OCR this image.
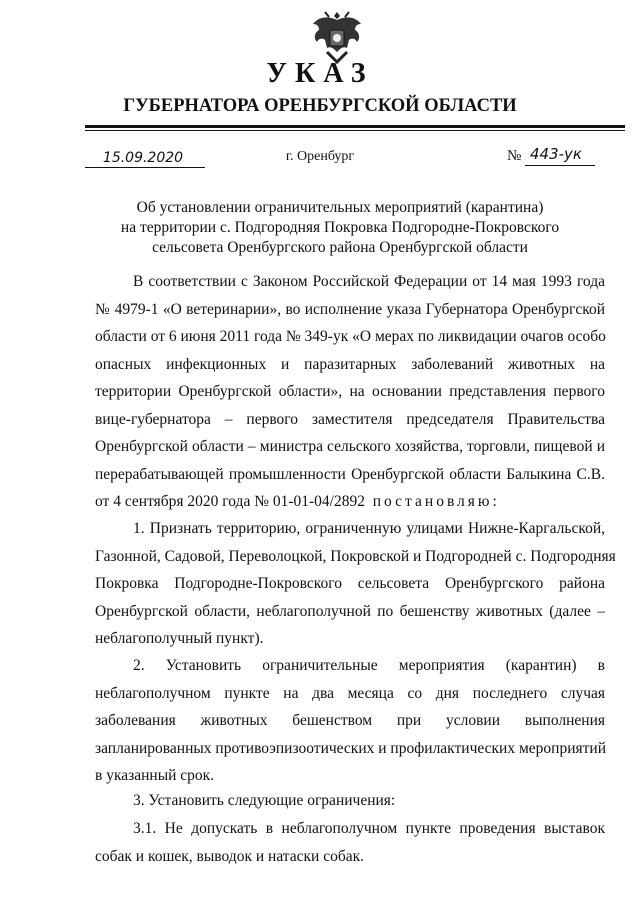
УКАЗ
ГУБЕРНАТОРА ОРЕНБУРГСКОЙ ОБЛАСТИ
15.09.2020	г. Оренбург	№ 443-ук
Об установлении ограничительных мероприятий (карантина)
на территории с. Подгородняя Покровка Подгородне-Покровского
сельсовета Оренбургского района Оренбургской области
В соответствии с Законом Российской Федерации от 14 мая 1993 года
№ 4979-1 «О ветеринарии», во исполнение указа Губернатора Оренбургской
области от 6 июня 2011 года № 349-ук «О мерах по ликвидации очагов особо
опасных инфекционных и паразитарных заболеваний животных на
территории Оренбургской области», на основании представления первого
вице-губернатора – первого заместителя председателя Правительства
Оренбургской области – министра сельского хозяйства, торговли, пищевой и
перерабатывающей промышленности Оренбургской области Балыкина С.В.
от 4 сентября 2020 года № 01-01-04/2892 постановляю:
1. Признать территорию, ограниченную улицами Нижне-Каргальской,
Газонной, Садовой, Переволоцкой, Покровской и Подгородней с. Подгородняя
Покровка Подгородне-Покровского сельсовета Оренбургского района
Оренбургской области, неблагополучной по бешенству животных (далее –
неблагополучный пункт).
2. Установить ограничительные мероприятия (карантин) в
неблагополучном пункте на два месяца со дня последнего случая
заболевания животных бешенством при условии выполнения
запланированных противоэпизоотических и профилактических мероприятий
в указанный срок.
3. Установить следующие ограничения:
3.1. Не допускать в неблагополучном пункте проведения выставок
собак и кошек, выводок и натаски собак.
